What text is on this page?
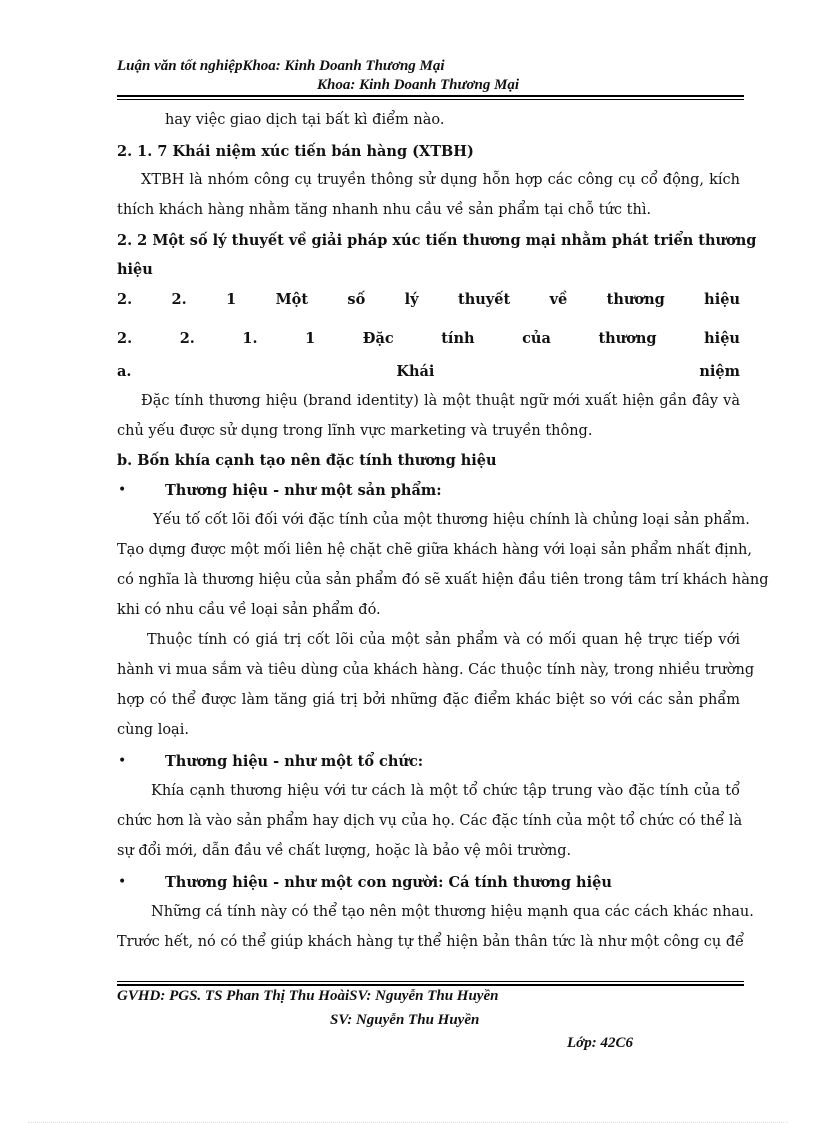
Luận văn tốt nghiệpKhoa: Kinh Doanh Thương Mại
Khoa: Kinh Doanh Thương Mại
hay việc giao dịch tại bất kì điểm nào.
2. 1. 7 Khái niệm xúc tiến bán hàng (XTBH)
XTBH là nhóm công cụ truyền thông sử dụng hỗn hợp các công cụ cổ động, kích
thích khách hàng nhằm tăng nhanh nhu cầu về sản phẩm tại chỗ tức thì.
2. 2 Một số lý thuyết về giải pháp xúc tiến thương mại nhằm phát triển thương
hiệu
2.	2.	1	Một	số	lý	thuyết	về	thương	hiệu
2.	2.	1.	1	Đặc	tính	của	thương	hiệu
a.	Khái	niệm
Đặc tính thương hiệu (brand identity) là một thuật ngữ mới xuất hiện gần đây và
chủ yếu được sử dụng trong lĩnh vực marketing và truyền thông.
b. Bốn khía cạnh tạo nên đặc tính thương hiệu
•	Thương hiệu - như một sản phẩm:
Yếu tố cốt lõi đối với đặc tính của một thương hiệu chính là chủng loại sản phẩm.
Tạo dựng được một mối liên hệ chặt chẽ giữa khách hàng với loại sản phẩm nhất định,
có nghĩa là thương hiệu của sản phẩm đó sẽ xuất hiện đầu tiên trong tâm trí khách hàng
khi có nhu cầu về loại sản phẩm đó.
Thuộc tính có giá trị cốt lõi của một sản phẩm và có mối quan hệ trực tiếp với
hành vi mua sắm và tiêu dùng của khách hàng. Các thuộc tính này, trong nhiều trường
hợp có thể được làm tăng giá trị bởi những đặc điểm khác biệt so với các sản phẩm
cùng loại.
•	Thương hiệu - như một tổ chức:
Khía cạnh thương hiệu với tư cách là một tổ chức tập trung vào đặc tính của tổ
chức hơn là vào sản phẩm hay dịch vụ của họ. Các đặc tính của một tổ chức có thể là
sự đổi mới, dẫn đầu về chất lượng, hoặc là bảo vệ môi trường.
•	Thương hiệu - như một con người: Cá tính thương hiệu
Những cá tính này có thể tạo nên một thương hiệu mạnh qua các cách khác nhau.
Trước hết, nó có thể giúp khách hàng tự thể hiện bản thân tức là như một công cụ để
GVHD: PGS. TS Phan Thị Thu HoàiSV: Nguyễn Thu Huyền
SV: Nguyễn Thu Huyền
Lớp: 42C6
